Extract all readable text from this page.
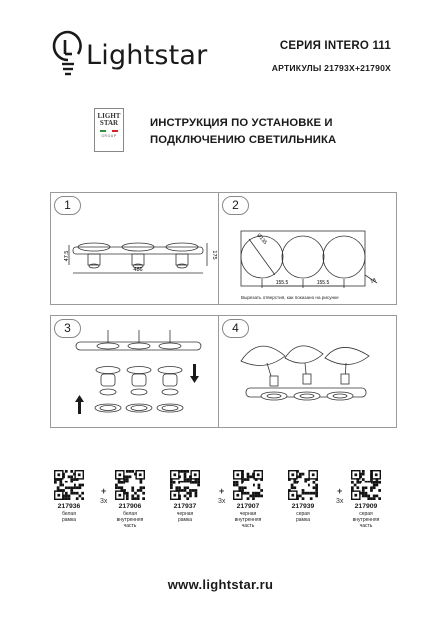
Lightstar	СЕРИЯ INTERO 111
АРТИКУЛЫ 21793X+21790X
LIGHT
STAR
GROUP
ИНСТРУКЦИЯ ПО УСТАНОВКЕ И
ПОДКЛЮЧЕНИЮ СВЕТИЛЬНИКА
1
47.5
486
175
2
Ø135
155.5	155.5	18
Вырезать отверстия, как показано на рисунке
3	4
217936
белая
рамка
217906
белая внутренняя
часть
+
3x
217937
черная
рамка
217907
черная внутренняя
часть
+
3x
217939
серая
рамка
217909
серая внутренняя
часть
+
3x
www.lightstar.ru
